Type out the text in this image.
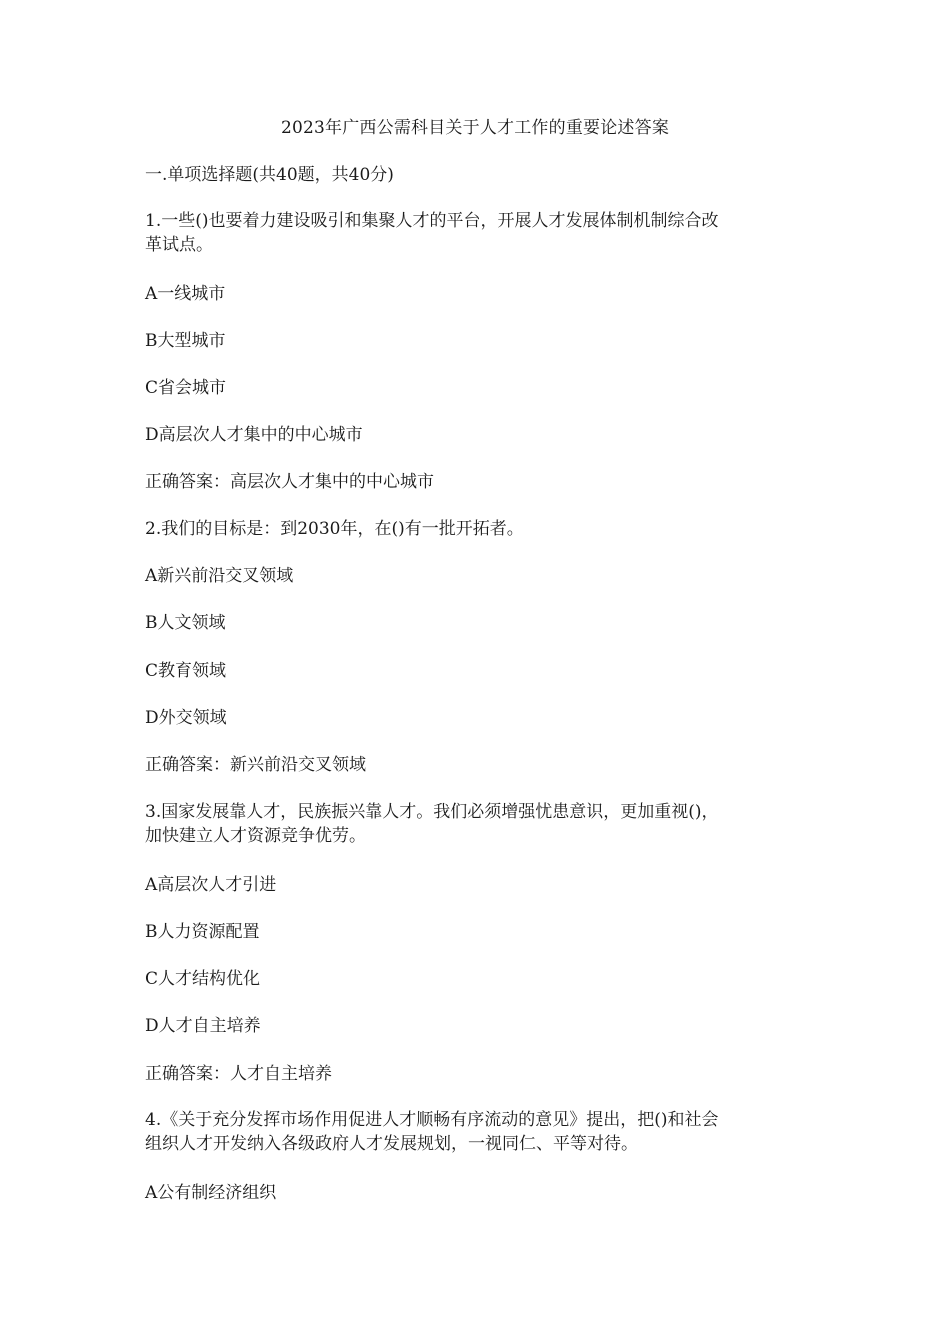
2023年广西公需科目关于人才工作的重要论述答案
一.单项选择题(共40题，共40分)
1.一些()也要着力建设吸引和集聚人才的平台，开展人才发展体制机制综合改
革试点。
A一线城市
B大型城市
C省会城市
D高层次人才集中的中心城市
正确答案：高层次人才集中的中心城市
2.我们的目标是：到2030年，在()有一批开拓者。
A新兴前沿交叉领域
B人文领域
C教育领域
D外交领域
正确答案：新兴前沿交叉领域
3.国家发展靠人才，民族振兴靠人才。我们必须增强忧患意识，更加重视()，
加快建立人才资源竞争优劳。
A高层次人才引进
B人力资源配置
C人才结构优化
D人才自主培养
正确答案：人才自主培养
4.《关于充分发挥市场作用促进人才顺畅有序流动的意见》提出，把()和社会
组织人才开发纳入各级政府人才发展规划，一视同仁、平等对待。
A公有制经济组织
